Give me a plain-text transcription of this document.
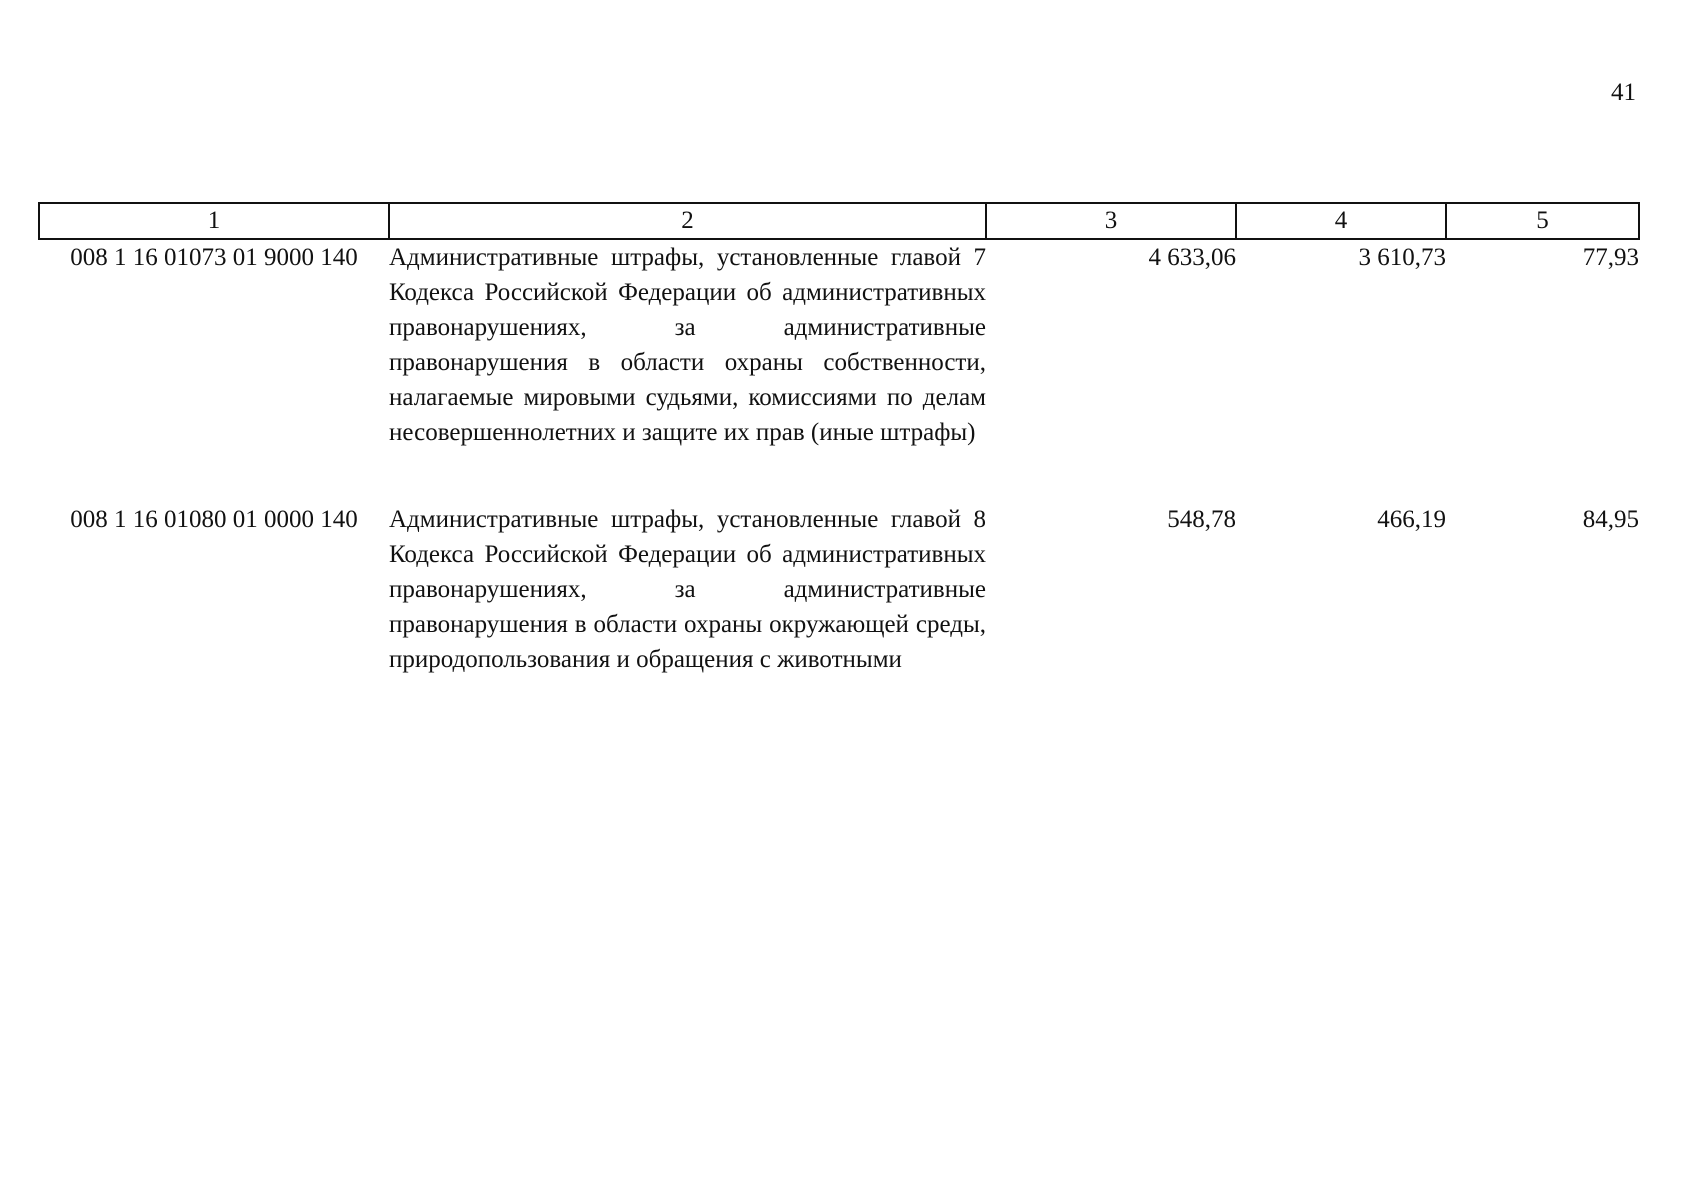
41
1	2	3	4	5
008 1 16 01073 01 9000 140	Административные штрафы, установленные главой 7 Кодекса Российской Федерации об административных правонарушениях, за административные правонарушения в области охраны собственности, налагаемые мировыми судьями, комиссиями по делам несовершеннолетних и защите их прав (иные штрафы)	4 633,06	3 610,73	77,93
008 1 16 01080 01 0000 140	Административные штрафы, установленные главой 8 Кодекса Российской Федерации об административных правонарушениях, за административные правонарушения в области охраны окружающей среды, природопользования и обращения с животными	548,78	466,19	84,95
